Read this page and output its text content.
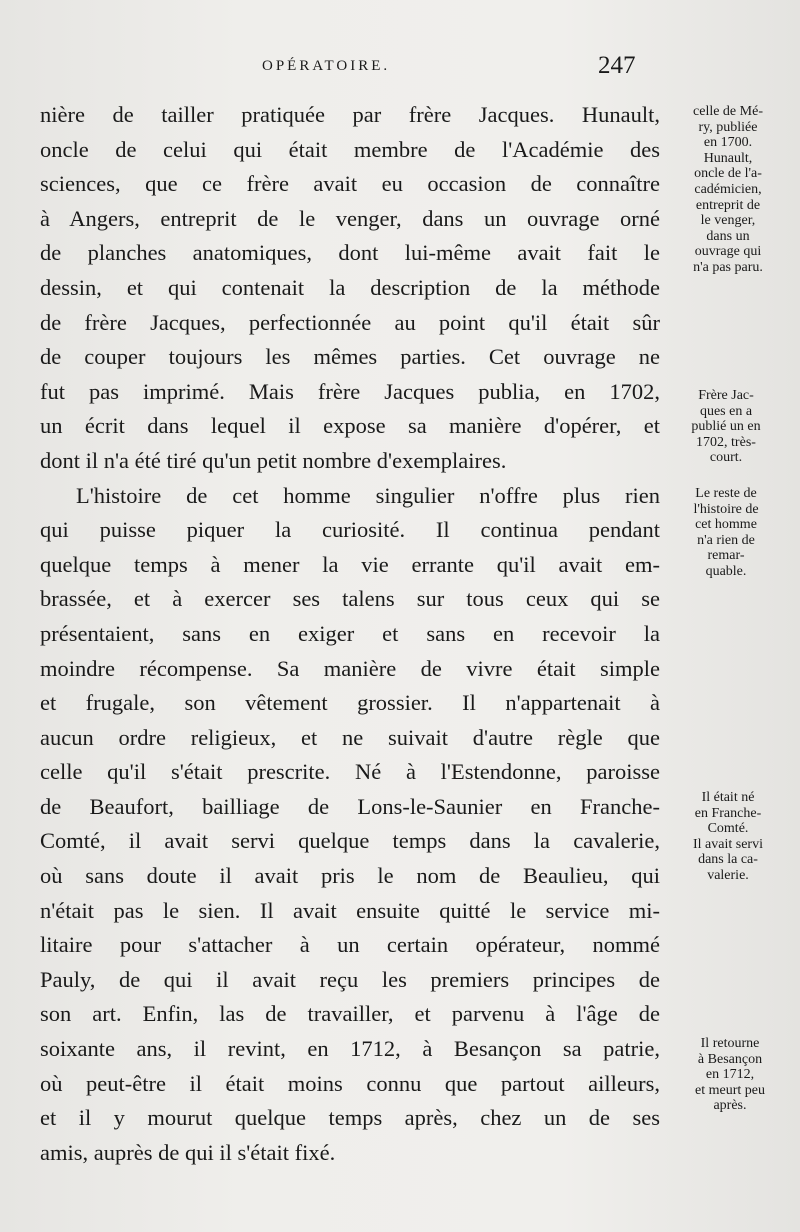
OPÉRATOIRE.	247
nière de tailler pratiquée par frère Jacques. Hunault,
oncle de celui qui était membre de l'Académie des
sciences, que ce frère avait eu occasion de connaître
à Angers, entreprit de le venger, dans un ouvrage orné
de planches anatomiques, dont lui-même avait fait le
dessin, et qui contenait la description de la méthode
de frère Jacques, perfectionnée au point qu'il était sûr
de couper toujours les mêmes parties. Cet ouvrage ne
fut pas imprimé. Mais frère Jacques publia, en 1702,
un écrit dans lequel il expose sa manière d'opérer, et
dont il n'a été tiré qu'un petit nombre d'exemplaires.
L'histoire de cet homme singulier n'offre plus rien
qui puisse piquer la curiosité. Il continua pendant
quelque temps à mener la vie errante qu'il avait em-
brassée, et à exercer ses talens sur tous ceux qui se
présentaient, sans en exiger et sans en recevoir la
moindre récompense. Sa manière de vivre était simple
et frugale, son vêtement grossier. Il n'appartenait à
aucun ordre religieux, et ne suivait d'autre règle que
celle qu'il s'était prescrite. Né à l'Estendonne, paroisse
de Beaufort, bailliage de Lons-le-Saunier en Franche-
Comté, il avait servi quelque temps dans la cavalerie,
où sans doute il avait pris le nom de Beaulieu, qui
n'était pas le sien. Il avait ensuite quitté le service mi-
litaire pour s'attacher à un certain opérateur, nommé
Pauly, de qui il avait reçu les premiers principes de
son art. Enfin, las de travailler, et parvenu à l'âge de
soixante ans, il revint, en 1712, à Besançon sa patrie,
où peut-être il était moins connu que partout ailleurs,
et il y mourut quelque temps après, chez un de ses
amis, auprès de qui il s'était fixé.
celle de Mé-
ry, publiée
en 1700.
Hunault,
oncle de l'a-
cadémicien,
entreprit de
le venger,
dans un
ouvrage qui
n'a pas paru.
Frère Jac-
ques en a
publié un en
1702, très-
court.
Le reste de
l'histoire de
cet homme
n'a rien de
remar-
quable.
Il était né
en Franche-
Comté.
Il avait servi
dans la ca-
valerie.
Il retourne
à Besançon
en 1712,
et meurt peu
après.
